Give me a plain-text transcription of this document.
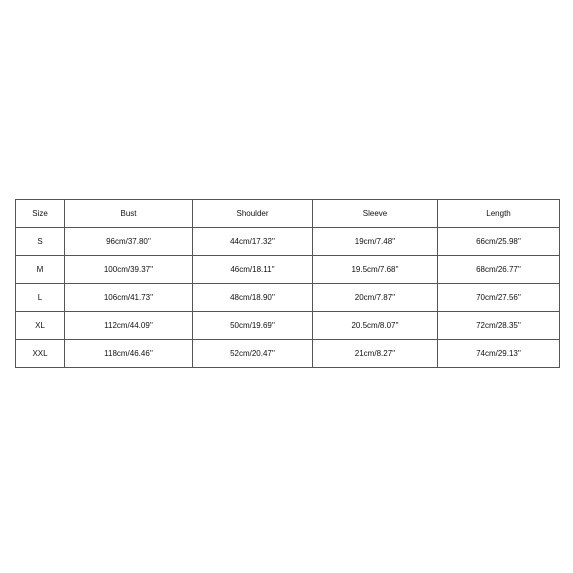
Size	Bust	Shoulder	Sleeve	Length
S	96cm/37.80''	44cm/17.32''	19cm/7.48''	66cm/25.98''
M	100cm/39.37''	46cm/18.11''	19.5cm/7.68''	68cm/26.77''
L	106cm/41.73''	48cm/18.90''	20cm/7.87''	70cm/27.56''
XL	112cm/44.09''	50cm/19.69''	20.5cm/8.07''	72cm/28.35''
XXL	118cm/46.46''	52cm/20.47''	21cm/8.27''	74cm/29.13''
